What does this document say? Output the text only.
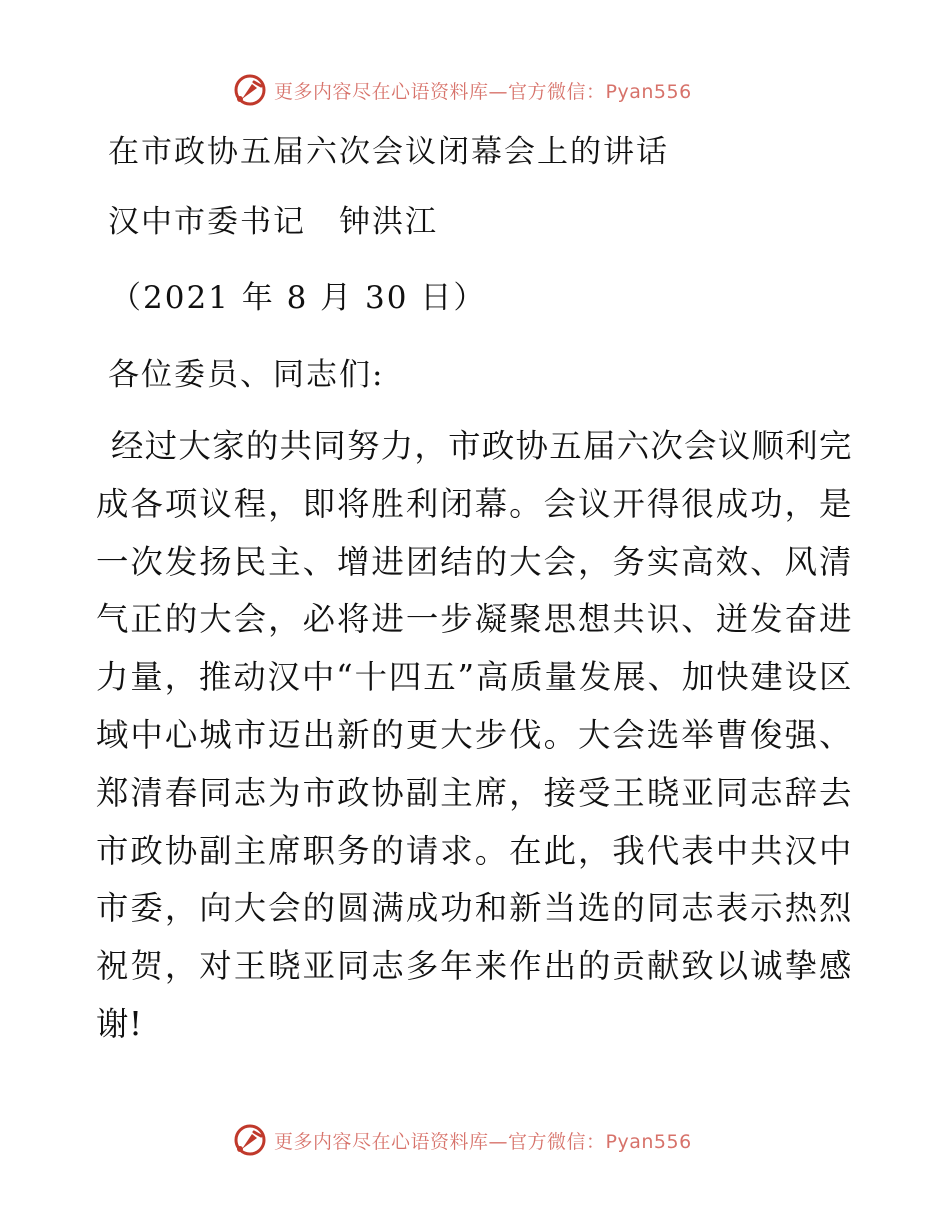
更多内容尽在心语资料库—官方微信：Pyan556
在市政协五届六次会议闭幕会上的讲话
汉中市委书记　钟洪江
（2021 年 8 月 30 日）
各位委员、同志们:
经过大家的共同努力，市政协五届六次会议顺利完成各项议程，即将胜利闭幕。会议开得很成功，是一次发扬民主、增进团结的大会，务实高效、风清气正的大会，必将进一步凝聚思想共识、迸发奋进力量，推动汉中“十四五”高质量发展、加快建设区域中心城市迈出新的更大步伐。大会选举曹俊强、郑清春同志为市政协副主席，接受王晓亚同志辞去市政协副主席职务的请求。在此，我代表中共汉中市委，向大会的圆满成功和新当选的同志表示热烈祝贺，对王晓亚同志多年来作出的贡献致以诚挚感谢!
更多内容尽在心语资料库—官方微信：Pyan556
